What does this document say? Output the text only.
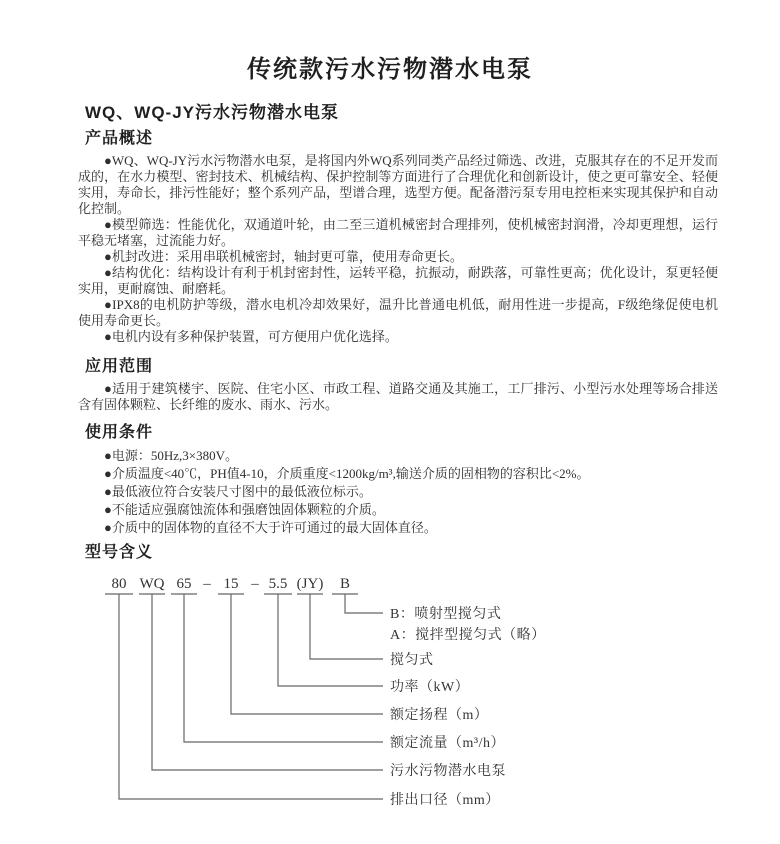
传统款污水污物潜水电泵
WQ、WQ-JY污水污物潜水电泵
产品概述

●WQ、WQ-JY污水污物潜水电泵，是将国内外WQ系列同类产品经过筛选、改进，克服其存在的不足开发而成的，在水力模型、密封技术、机械结构、保护控制等方面进行了合理优化和创新设计，使之更可靠安全、轻便实用，寿命长，排污性能好；整个系列产品，型谱合理，选型方便。配备潜污泵专用电控柜来实现其保护和自动化控制。

●模型筛选：性能优化，双通道叶轮，由二至三道机械密封合理排列，使机械密封润滑，冷却更理想，运行平稳无堵塞，过流能力好。

●机封改进：采用串联机械密封，轴封更可靠，使用寿命更长。

●结构优化：结构设计有利于机封密封性，运转平稳，抗振动，耐跌落，可靠性更高；优化设计，泵更轻便实用，更耐腐蚀、耐磨耗。

●IPX8的电机防护等级，潜水电机冷却效果好，温升比普通电机低，耐用性进一步提高，F级绝缘促使电机使用寿命更长。

●电机内设有多种保护装置，可方便用户优化选择。

应用范围

●适用于建筑楼宇、医院、住宅小区、市政工程、道路交通及其施工，工厂排污、小型污水处理等场合排送含有固体颗粒、长纤维的废水、雨水、污水。

使用条件

●电源：50Hz,3×380V。

●介质温度<40℃，PH值4-10，介质重度<1200kg/m³,输送介质的固相物的容积比<2%。

●最低液位符合安装尺寸图中的最低液位标示。

●不能适应强腐蚀流体和强磨蚀固体颗粒的介质。

●介质中的固体物的直径不大于许可通过的最大固体直径。

型号含义
80 WQ 65 – 15 – 5.5 (JY) B
B：喷射型搅匀式
A：搅拌型搅匀式（略）
搅匀式
功率（kW）
额定扬程（m）
额定流量（m³/h）
污水污物潜水电泵
排出口径（mm）
